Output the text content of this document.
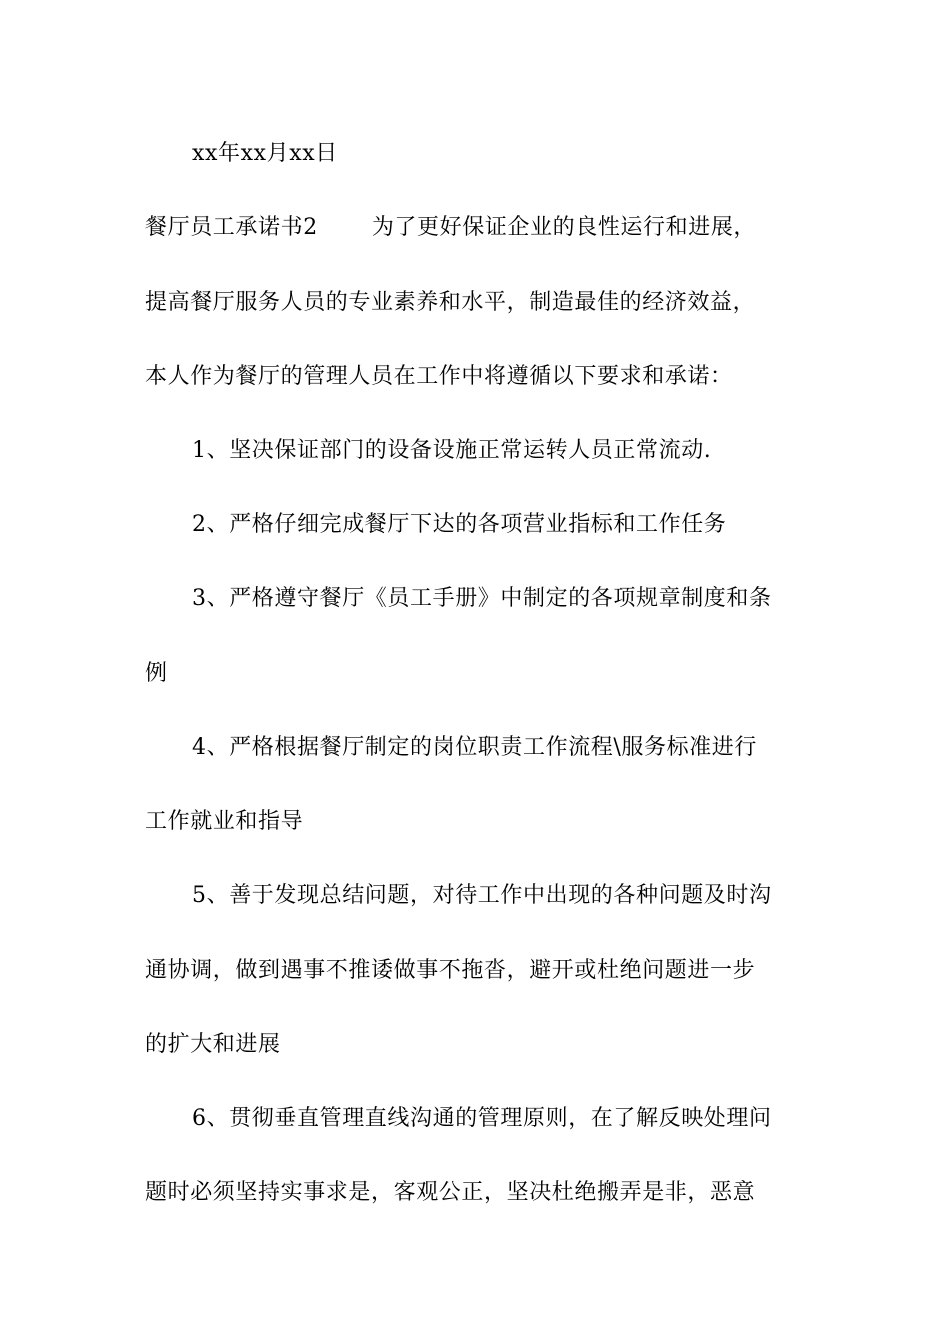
xx年xx月xx日
餐厅员工承诺书2 为了更好保证企业的良性运行和进展，
提高餐厅服务人员的专业素养和水平，制造最佳的经济效益，
本人作为餐厅的管理人员在工作中将遵循以下要求和承诺：
1、坚决保证部门的设备设施正常运转人员正常流动.
2、严格仔细完成餐厅下达的各项营业指标和工作任务
3、严格遵守餐厅《员工手册》中制定的各项规章制度和条
例
4、严格根据餐厅制定的岗位职责工作流程\服务标准进行
工作就业和指导
5、善于发现总结问题，对待工作中出现的各种问题及时沟
通协调，做到遇事不推诿做事不拖沓，避开或杜绝问题进一步
的扩大和进展
6、贯彻垂直管理直线沟通的管理原则，在了解反映处理问
题时必须坚持实事求是，客观公正，坚决杜绝搬弄是非，恶意
